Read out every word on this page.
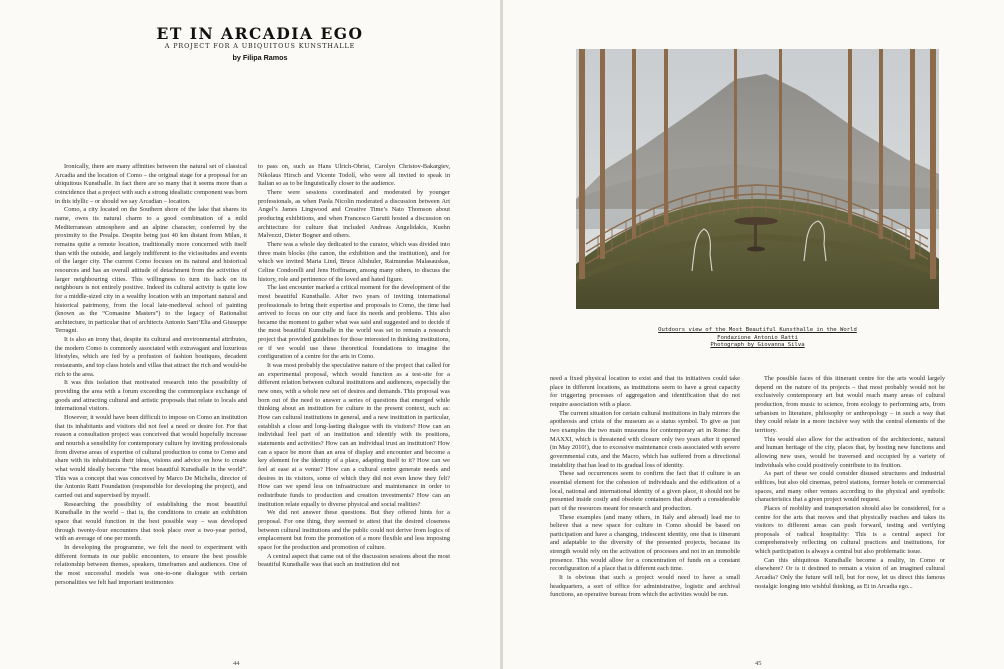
ET IN ARCADIA EGO
A PROJECT FOR A UBIQUITOUS KUNSTHALLE
by Filipa Ramos

Ironically, there are many affinities between the natural set of classical Arcadia and the location of Como – the original stage for a proposal for an ubiquitous Kunsthalle. In fact there are so many that it seems more than a coincidence that a project with such a strong idealistic component was born in this idyllic – or should we say Arcadian – location.

Como, a city located on the Southern shore of the lake that shares its name, owes its natural charm to a good combination of a mild Mediterranean atmosphere and an alpine character, conferred by the proximity to the Prealps. Despite being just 40 km distant from Milan, it remains quite a remote location, traditionally more concerned with itself than with the outside, and largely indifferent to the vicissitudes and events of the larger city. The current Como focuses on its natural and historical resources and has an overall attitude of detachment from the activities of larger neighbouring cities. This willingness to turn its back on its neighbours is not entirely positive. Indeed its cultural activity is quite low for a middle-sized city in a wealthy location with an important natural and historical patrimony, from the local late-medieval school of painting (known as the “Comasine Masters”) to the legacy of Rationalist architecture, in particular that of architects Antonio Sant’Elia and Giuseppe Terragni.

It is also an irony that, despite its cultural and environmental attributes, the modern Como is commonly associated with extravagant and luxurious lifestyles, which are fed by a profusion of fashion boutiques, decadent restaurants, and top class hotels and villas that attract the rich and would-be rich to the area.

It was this isolation that motivated research into the possibility of providing the area with a forum exceeding the commonplace exchange of goods and attracting cultural and artistic proposals that relate to locals and international visitors.

However, it would have been difficult to impose on Como an institution that its inhabitants and visitors did not feel a need or desire for. For that reason a consultation project was conceived that would hopefully increase and nourish a sensibility for contemporary culture by inviting professionals from diverse areas of expertise of cultural production to come to Como and share with its inhabitants their ideas, visions and advice on how to create what would ideally become “the most beautiful Kunsthalle in the world”. This was a concept that was conceived by Marco De Michelis, director of the Antonio Ratti Foundation (responsible for developing the project), and carried out and supervised by myself.

Researching the possibility of establishing the most beautiful Kunsthalle in the world – that is, the conditions to create an exhibition space that would function in the best possible way – was developed through twenty-four encounters that took place over a two-year period, with an average of one per month.

In developing the programme, we felt the need to experiment with different formats in our public encounters, to ensure the best possible relationship between themes, speakers, timeframes and audiences. One of the most successful models was one-to-one dialogue with certain personalities we felt had important testimonies

to pass on, such as Hans Ulrich-Obrist, Carolyn Christov-Bakargiev, Nikolaus Hirsch and Vicente Todolí, who were all invited to speak in Italian so as to be linguistically closer to the audience.

There were sessions coordinated and moderated by younger professionals, as when Paola Nicolin moderated a discussion between Art Angel’s James Lingwood and Creative Time’s Nato Thomson about producing exhibitions, and when Francesco Garutti hosted a discussion on architecture for culture that included Andreas Angelidakis, Kuehn Malvezzi, Dieter Bogner and others.

There was a whole day dedicated to the curator, which was divided into three main blocks (the canon, the exhibition and the institution), and for which we invited Maria Lind, Bruce Altshuler, Raimundas Malasauskas, Celine Condorelli and Jens Hoffmann, among many others, to discuss the history, role and pertinence of the loved and hated figure.

The last encounter marked a critical moment for the development of the most beautiful Kunsthalle. After two years of inviting international professionals to bring their expertise and proposals to Como, the time had arrived to focus on our city and face its needs and problems. This also became the moment to gather what was said and suggested and to decide if the most beautiful Kunsthalle in the world was set to remain a research project that provided guidelines for those interested in thinking institutions, or if we would use these theoretical foundations to imagine the configuration of a centre for the arts in Como.

It was most probably the speculative nature of the project that called for an experimental proposal, which would function as a test-site for a different relation between cultural institutions and audiences, especially the new ones, with a whole new set of desires and demands. This proposal was born out of the need to answer a series of questions that emerged while thinking about an institution for culture in the present context, such as: How can cultural institutions in general, and a new institution in particular, establish a close and long-lasting dialogue with its visitors? How can an individual feel part of an institution and identify with its positions, statements and activities? How can an individual trust an institution? How can a space be more than an area of display and encounter and become a key element for the identity of a place, adapting itself to it? How can we feel at ease at a venue? How can a cultural centre generate needs and desires in its visitors, some of which they did not even know they felt? How can we spend less on infrastructure and maintenance in order to redistribute funds to production and creation investments? How can an institution relate equally to diverse physical and social realities?

We did not answer these questions. But they offered hints for a proposal. For one thing, they seemed to attest that the desired closeness between cultural institutions and the public could not derive from logics of emplacement but from the promotion of a more flexible and less imposing space for the production and promotion of culture.

A central aspect that came out of the discussion sessions about the most beautiful Kunsthalle was that such an institution did not

44
Outdoors view of the Most Beautiful Kunsthalle in the World
Fondazione Antonio Ratti
Photograph by Giovanna Silva

need a fixed physical location to exist and that its initiatives could take place in different locations, as institutions seem to have a great capacity for triggering processes of aggregation and identification that do not require association with a place.

The current situation for certain cultural institutions in Italy mirrors the apotheosis and crisis of the museum as a status symbol. To give as just two examples the two main museums for contemporary art in Rome: the MAXXI, which is threatened with closure only two years after it opened (in May 2010!), due to excessive maintenance costs associated with severe governmental cuts, and the Macro, which has suffered from a directional instability that has lead to its gradual loss of identity.

These sad occurrences seem to confirm the fact that if culture is an essential element for the cohesion of individuals and the edification of a local, national and international identity of a given place, it should not be presented inside costly and obsolete containers that absorb a considerable part of the resources meant for research and production.

These examples (and many others, in Italy and abroad) lead me to believe that a new space for culture in Como should be based on participation and have a changing, iridescent identity, one that is itinerant and adaptable to the diversity of the presented projects, because its strength would rely on the activation of processes and not in an immobile presence. This would allow for a concentration of funds on a constant reconfiguration of a place that is different each time.

It is obvious that such a project would need to have a small headquarters, a sort of office for administrative, logistic and archival functions, an operative bureau from which the activities would be run.

The possible faces of this itinerant centre for the arts would largely depend on the nature of its projects – that most probably would not be exclusively contemporary art but would reach many areas of cultural production, from music to science, from ecology to performing arts, from urbanism to literature, philosophy or anthropology – in such a way that they could relate in a more incisive way with the central elements of the territory.

This would also allow for the activation of the architectonic, natural and human heritage of the city, places that, by hosting new functions and allowing new uses, would be traversed and occupied by a variety of individuals who could positively contribute to its fruition.

As part of these we could consider disused structures and industrial edifices, but also old cinemas, petrol stations, former hotels or commercial spaces, and many other venues according to the physical and symbolic characteristics that a given project would request.

Places of mobility and transportation should also be considered, for a centre for the arts that moves and that physically reaches and takes its visitors to different areas can push forward, testing and verifying proposals of radical hospitality: This is a central aspect for comprehensively reflecting on cultural practices and institutions, for which participation is always a central but also problematic issue.

Can this ubiquitous Kunsthalle become a reality, in Como or elsewhere? Or is it destined to remain a vision of an imagined cultural Arcadia? Only the future will tell, but for now, let us direct this famous nostalgic longing into wishful thinking, as Et in Arcadia ego...

45
